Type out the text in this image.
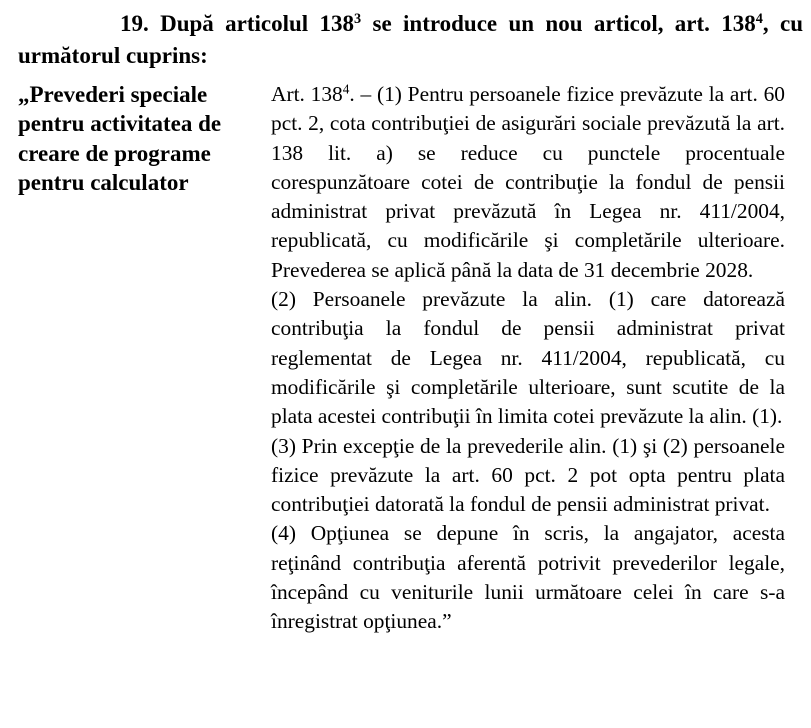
19. După articolul $138^3$ se introduce un nou articol, art. $138^4$, cu următorul cuprins:
„Prevederi speciale
pentru activitatea de
creare de programe
pentru calculator

Art. $138^4$. – (1) Pentru persoanele fizice prevăzute la art. 60 pct. 2, cota contribuţiei de asigurări sociale prevăzută la art. 138 lit. a) se reduce cu punctele procentuale corespunzătoare cotei de contribuţie la fondul de pensii administrat privat prevăzută în Legea nr. 411/2004, republicată, cu modificările şi completările ulterioare. Prevederea se aplică până la data de 31 decembrie 2028.

(2) Persoanele prevăzute la alin. (1) care datorează contribuţia la fondul de pensii administrat privat reglementat de Legea nr. 411/2004, republicată, cu modificările şi completările ulterioare, sunt scutite de la plata acestei contribuţii în limita cotei prevăzute la alin. (1).

(3) Prin excepţie de la prevederile alin. (1) şi (2) persoanele fizice prevăzute la art. 60 pct. 2 pot opta pentru plata contribuţiei datorată la fondul de pensii administrat privat.

(4) Opţiunea se depune în scris, la angajator, acesta reţinând contribuţia aferentă potrivit prevederilor legale, începând cu veniturile lunii următoare celei în care s-a înregistrat opţiunea.”
